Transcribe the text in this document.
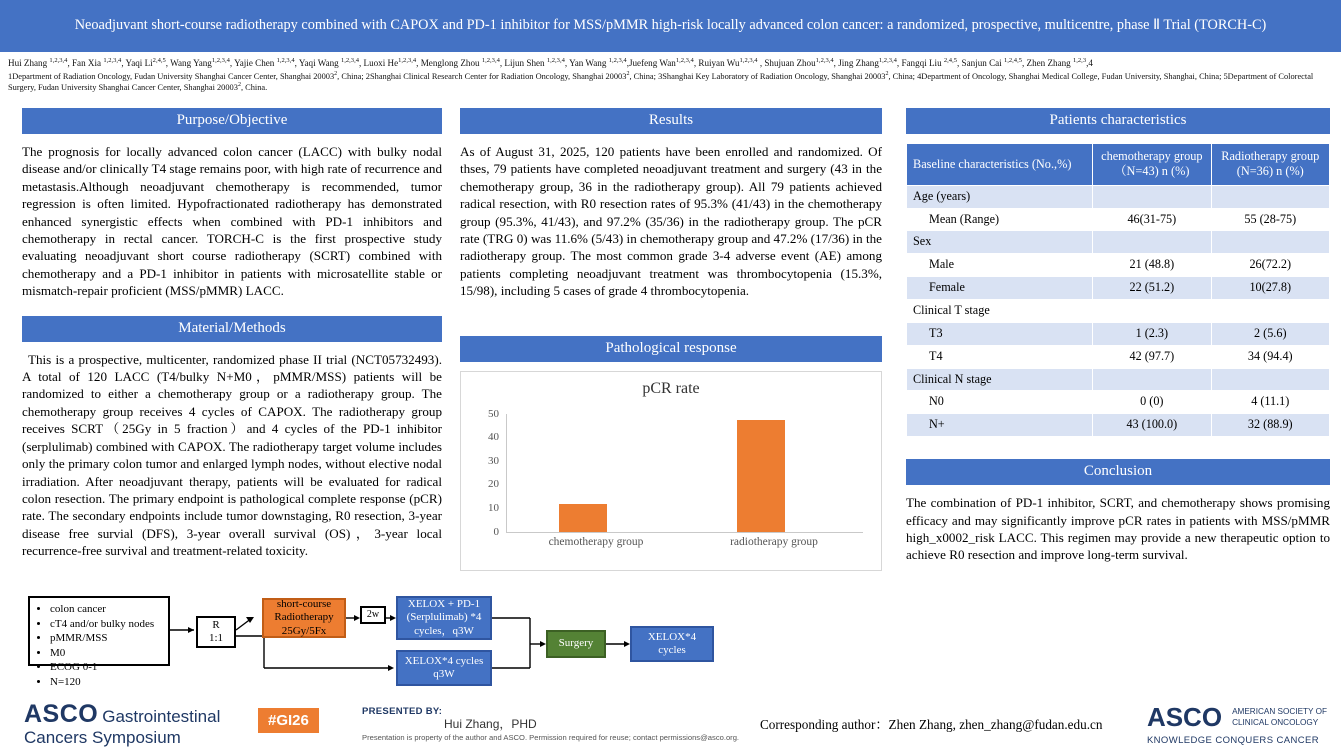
Neoadjuvant short-course radiotherapy combined with CAPOX and PD-1 inhibitor for MSS/pMMR high-risk locally advanced colon cancer: a randomized, prospective, multicentre, phase Ⅱ Trial (TORCH-C)
Hui Zhang $^{1,2,3,4}$, Fan Xia $^{1,2,3,4}$, Yaqi Li$^{2,4,5}$, Wang Yang$^{1,2,3,4}$, Yajie Chen $^{1,2,3,4}$, Yaqi Wang $^{1,2,3,4}$, Luoxi He$^{1,2,3,4}$, Menglong Zhou $^{1,2,3,4}$, Lijun Shen $^{1,2,3,4}$, Yan Wang $^{1,2,3,4}$,Juefeng Wan$^{1,2,3,4}$, Ruiyan Wu$^{1,2,3,4}$ , Shujuan Zhou$^{1,2,3,4}$, Jing Zhang$^{1,2,3,4}$, Fangqi Liu $^{2,4,5}$, Sanjun Cai $^{1,2,4,5}$, Zhen Zhang $^{1,2,3}$,4
1Department of Radiation Oncology, Fudan University Shanghai Cancer Center, Shanghai 20003$^2$, China; 2Shanghai Clinical Research Center for Radiation Oncology, Shanghai 20003$^2$, China; 3Shanghai Key Laboratory of Radiation Oncology, Shanghai 20003$^2$, China; 4Department of Oncology, Shanghai Medical College, Fudan University, Shanghai, China; 5Department of Colorectal Surgery, Fudan University Shanghai Cancer Center, Shanghai 20003$^2$, China.
Purpose/Objective
The prognosis for locally advanced colon cancer (LACC) with bulky nodal disease and/or clinically T4 stage remains poor, with high rate of recurrence and metastasis.Although neoadjuvant chemotherapy is recommended, tumor regression is often limited. Hypofractionated radiotherapy has demonstrated enhanced synergistic effects when combined with PD-1 inhibitors and chemotherapy in rectal cancer. TORCH-C is the first prospective study evaluating neoadjuvant short course radiotherapy (SCRT) combined with chemotherapy and a PD-1 inhibitor in patients with microsatellite stable or mismatch-repair proficient (MSS/pMMR) LACC.
Material/Methods
This is a prospective, multicenter, randomized phase II trial (NCT05732493). A total of 120 LACC (T4/bulky N+M0，pMMR/MSS) patients will be randomized to either a chemotherapy group or a radiotherapy group. The chemotherapy group receives 4 cycles of CAPOX. The radiotherapy group receives SCRT（25Gy in 5 fraction）and 4 cycles of the PD-1 inhibitor (serplulimab) combined with CAPOX. The radiotherapy target volume includes only the primary colon tumor and enlarged lymph nodes, without elective nodal irradiation. After neoadjuvant therapy, patients will be evaluated for radical colon resection. The primary endpoint is pathological complete response (pCR) rate. The secondary endpoints include tumor downstaging, R0 resection, 3-year disease free survial (DFS), 3-year overall survival (OS)，3-year local recurrence-free survival and treatment-related toxicity.
Results
As of August 31, 2025, 120 patients have been enrolled and randomized. Of thses, 79 patients have completed neoadjuvant treatment and surgery (43 in the chemotherapy group, 36 in the radiotherapy group). All 79 patients achieved radical resection, with R0 resection rates of 95.3% (41/43) in the chemotherapy group (95.3%, 41/43), and 97.2% (35/36) in the radiotherapy group. The pCR rate (TRG 0) was 11.6% (5/43) in chemotherapy group and 47.2% (17/36) in the radiotherapy group. The most common grade 3-4 adverse event (AE) among patients completing neoadjuvant treatment was thrombocytopenia (15.3%, 15/98), including 5 cases of grade 4 thrombocytopenia.
Pathological response
pCR rate
50
40
30
20
10
0
chemotherapy group	radiotherapy group
Patients characteristics
Baseline characteristics (No.,%)	chemotherapy group （N=43) n (%)	Radiotherapy group (N=36) n (%)
Age (years)		
Mean (Range)	46(31-75)	55 (28-75)
Sex		
Male	21 (48.8)	26(72.2)
Female	22 (51.2)	10(27.8)
Clinical T stage		
T3	1 (2.3)	2 (5.6)
T4	42 (97.7)	34 (94.4)
Clinical N stage		
N0	0 (0)	4 (11.1)
N+	43 (100.0)	32 (88.9)
Conclusion
The combination of PD-1 inhibitor, SCRT, and chemotherapy shows promising efficacy and may significantly improve pCR rates in patients with MSS/pMMR high_x0002_risk LACC. This regimen may provide a new therapeutic option to achieve R0 resection and improve long-term survival.
• colon cancer
• cT4 and/or bulky nodes
• pMMR/MSS
• M0
• ECOG 0-1
• N=120
R
1:1
short-course Radiotherapy 25Gy/5Fx
2w
XELOX + PD-1 (Serplulimab) *4 cycles，q3W
XELOX*4 cycles q3W
Surgery
XELOX*4 cycles
ASCO Gastrointestinal
Cancers Symposium
#GI26
PRESENTED BY:
Hui Zhang，PHD
Presentation is property of the author and ASCO. Permission required for reuse; contact permissions@asco.org.
Corresponding author：Zhen Zhang, zhen_zhang@fudan.edu.cn ASCO AMERICAN SOCIETY OF
CLINICAL ONCOLOGY
KNOWLEDGE CONQUERS CANCER
